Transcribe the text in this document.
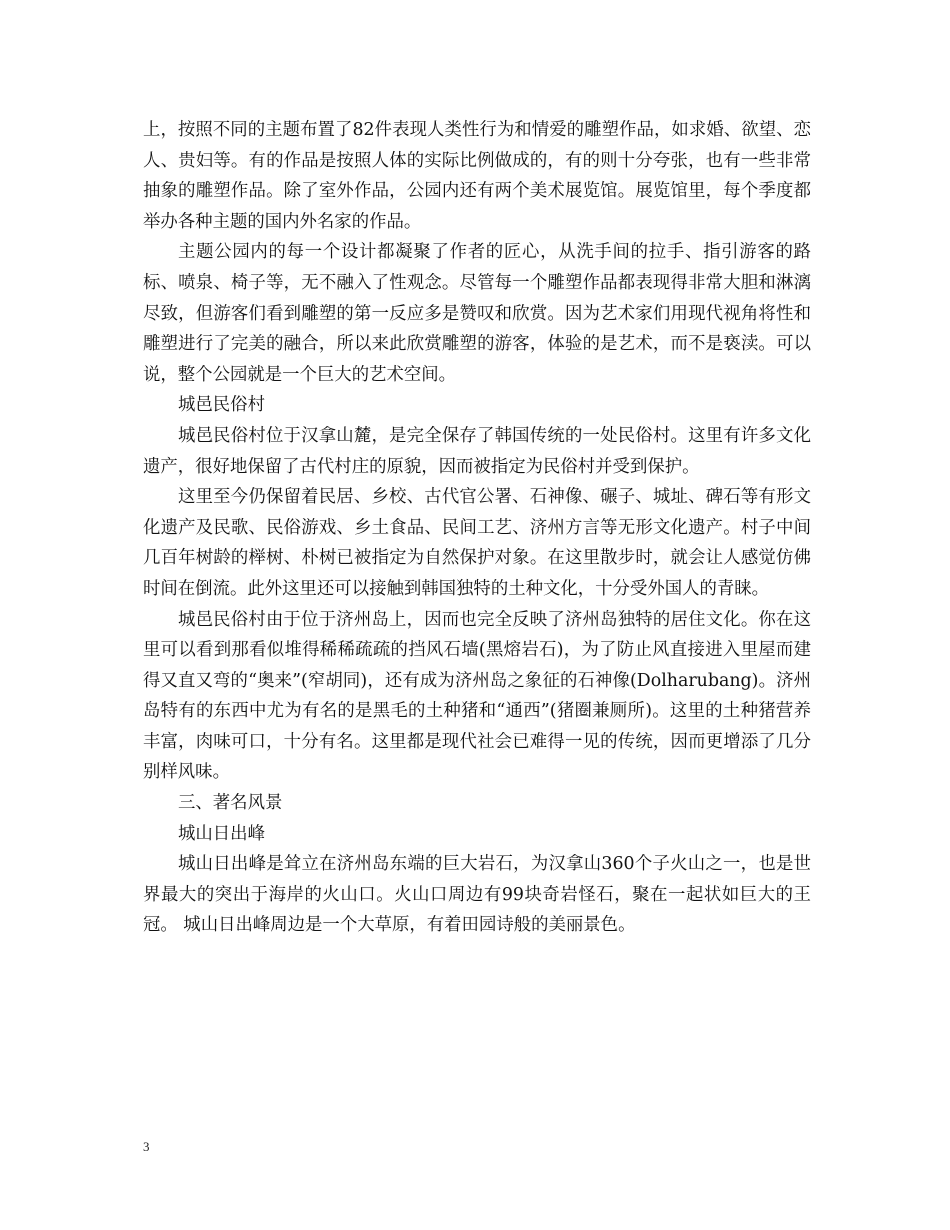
上，按照不同的主题布置了82件表现人类性行为和情爱的雕塑作品，如求婚、欲望、恋人、贵妇等。有的作品是按照人体的实际比例做成的，有的则十分夸张，也有一些非常抽象的雕塑作品。除了室外作品，公园内还有两个美术展览馆。展览馆里，每个季度都举办各种主题的国内外名家的作品。

主题公园内的每一个设计都凝聚了作者的匠心，从洗手间的拉手、指引游客的路标、喷泉、椅子等，无不融入了性观念。尽管每一个雕塑作品都表现得非常大胆和淋漓尽致，但游客们看到雕塑的第一反应多是赞叹和欣赏。因为艺术家们用现代视角将性和雕塑进行了完美的融合，所以来此欣赏雕塑的游客，体验的是艺术，而不是亵渎。可以说，整个公园就是一个巨大的艺术空间。

城邑民俗村

城邑民俗村位于汉拿山麓，是完全保存了韩国传统的一处民俗村。这里有许多文化遗产，很好地保留了古代村庄的原貌，因而被指定为民俗村并受到保护。

这里至今仍保留着民居、乡校、古代官公署、石神像、碾子、城址、碑石等有形文化遗产及民歌、民俗游戏、乡土食品、民间工艺、济州方言等无形文化遗产。村子中间几百年树龄的榉树、朴树已被指定为自然保护对象。在这里散步时，就会让人感觉仿佛时间在倒流。此外这里还可以接触到韩国独特的土种文化，十分受外国人的青睐。

城邑民俗村由于位于济州岛上，因而也完全反映了济州岛独特的居住文化。你在这里可以看到那看似堆得稀稀疏疏的挡风石墙(黑熔岩石)，为了防止风直接进入里屋而建得又直又弯的“奥来”(窄胡同)，还有成为济州岛之象征的石神像(Dolharubang)。济州岛特有的东西中尤为有名的是黑毛的土种猪和“通西”(猪圈兼厕所)。这里的土种猪营养丰富，肉味可口，十分有名。这里都是现代社会已难得一见的传统，因而更增添了几分别样风味。

三、著名风景

城山日出峰

城山日出峰是耸立在济州岛东端的巨大岩石，为汉拿山360个子火山之一，也是世界最大的突出于海岸的火山口。火山口周边有99块奇岩怪石，聚在一起状如巨大的王冠。 城山日出峰周边是一个大草原，有着田园诗般的美丽景色。

3
